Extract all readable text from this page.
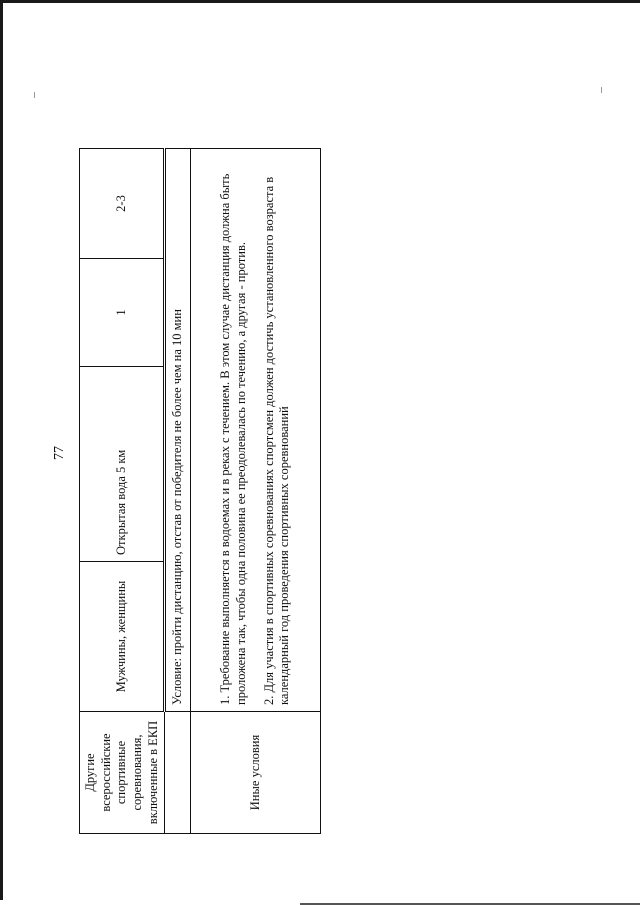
77
Другие всероссийские спортивные соревнования, включенные в ЕКП	Мужчины, женщины	Открытая вода 5 км	1	2-3
	Условие: пройти дистанцию, отстав от победителя не более чем на 10 мин			
Иные условия	1. Требование выполняется в водоемах и в реках с течением. В этом случае дистанция должна быть проложена так, чтобы одна половина ее преодолевалась по течению, а другая - против. 2. Для участия в спортивных соревнованиях спортсмен должен достичь установленного возраста в календарный год проведения спортивных соревнований			
